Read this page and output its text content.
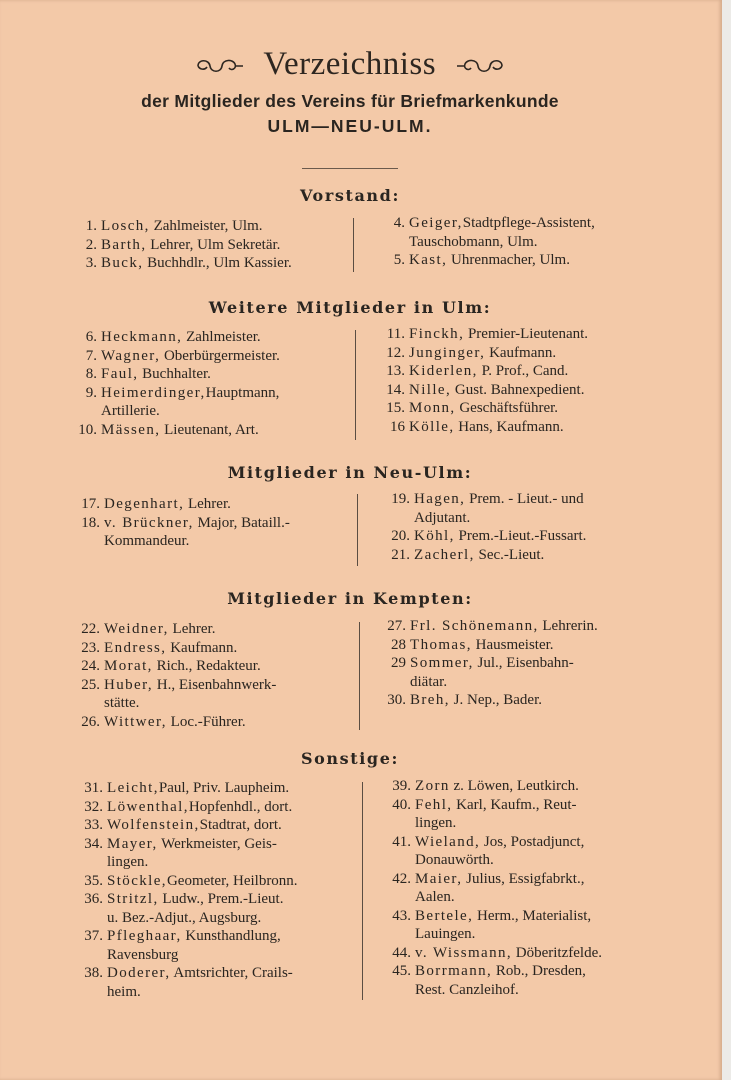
Verzeichniss
der Mitglieder des Vereins für Briefmarkenkunde
ULM—NEU-ULM.
Vorstand:
1. Losch, Zahlmeister, Ulm.
2. Barth, Lehrer, Ulm Sekretär.
3. Buck, Buchhdlr., Ulm Kassier.
4. Geiger,Stadtpflege-Assistent,
Tauschobmann, Ulm.
5. Kast, Uhrenmacher, Ulm.
Weitere Mitglieder in Ulm:
6. Heckmann, Zahlmeister.
7. Wagner, Oberbürgermeister.
8. Faul, Buchhalter.
9. Heimerdinger,Hauptmann,
Artillerie.
10. Mässen, Lieutenant, Art.
11. Finckh, Premier-Lieutenant.
12. Junginger, Kaufmann.
13. Kiderlen, P. Prof., Cand.
14. Nille, Gust. Bahnexpedient.
15. Monn, Geschäftsführer.
16 Kölle, Hans, Kaufmann.
Mitglieder in Neu-Ulm:
17. Degenhart, Lehrer.
18. v. Brückner, Major, Bataill.-
Kommandeur.
19. Hagen, Prem. - Lieut.- und
Adjutant.
20. Köhl, Prem.-Lieut.-Fussart.
21. Zacherl, Sec.-Lieut.
Mitglieder in Kempten:
22. Weidner, Lehrer.
23. Endress, Kaufmann.
24. Morat, Rich., Redakteur.
25. Huber, H., Eisenbahnwerk-
stätte.
26. Wittwer, Loc.-Führer.
27. Frl. Schönemann, Lehrerin.
28 Thomas, Hausmeister.
29 Sommer, Jul., Eisenbahn-
diätar.
30. Breh, J. Nep., Bader.
Sonstige:
31. Leicht,Paul, Priv. Laupheim.
32. Löwenthal,Hopfenhdl., dort.
33. Wolfenstein,Stadtrat, dort.
34. Mayer, Werkmeister, Geis-
lingen.
35. Stöckle,Geometer, Heilbronn.
36. Stritzl, Ludw., Prem.-Lieut.
u. Bez.-Adjut., Augsburg.
37. Pfleghaar, Kunsthandlung,
Ravensburg
38. Doderer, Amtsrichter, Crails-
heim.
39. Zorn z. Löwen, Leutkirch.
40. Fehl, Karl, Kaufm., Reut-
lingen.
41. Wieland, Jos, Postadjunct,
Donauwörth.
42. Maier, Julius, Essigfabrkt.,
Aalen.
43. Bertele, Herm., Materialist,
Lauingen.
44. v. Wissmann, Döberitzfelde.
45. Borrmann, Rob., Dresden,
Rest. Canzleihof.
